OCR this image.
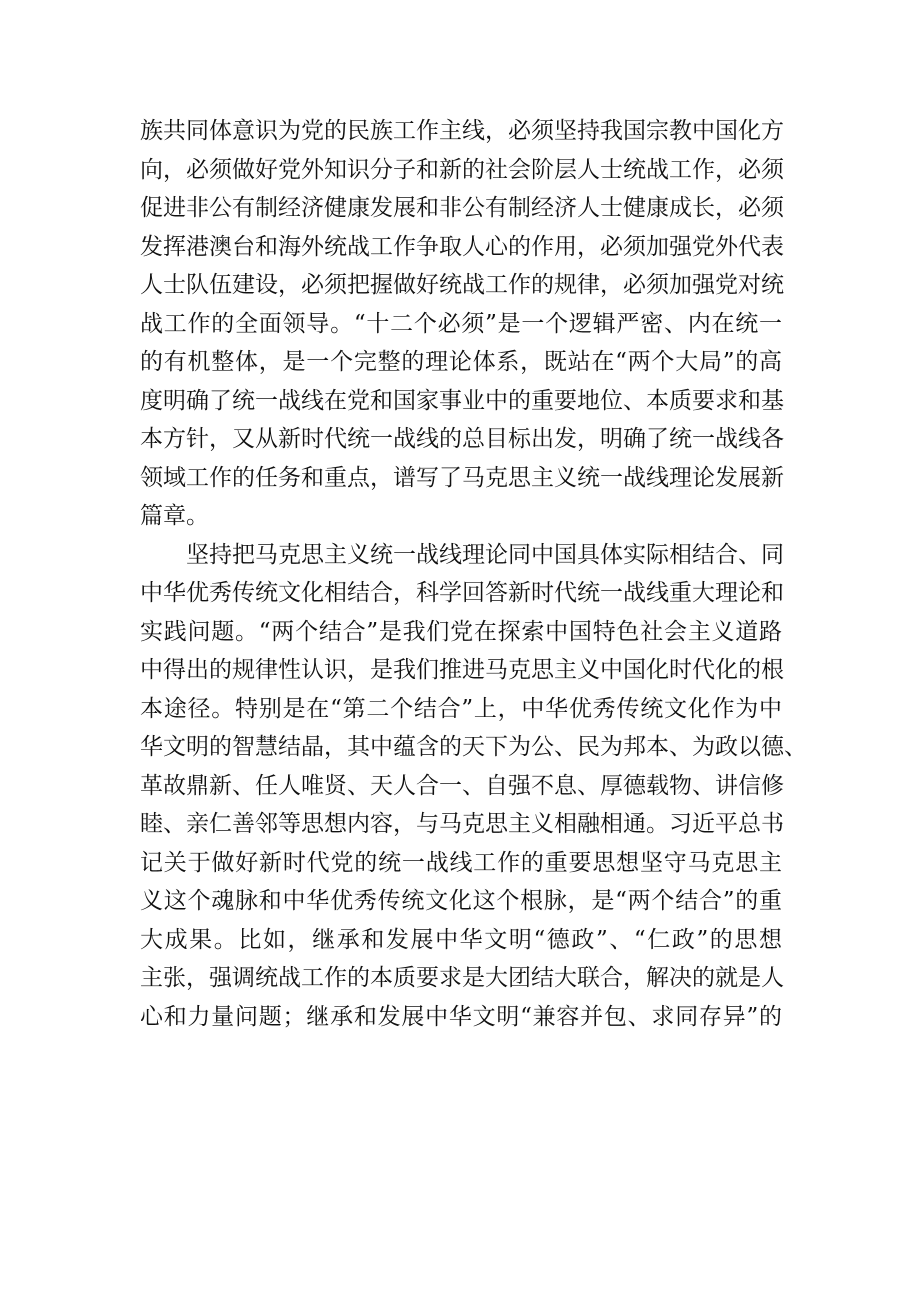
族共同体意识为党的民族工作主线，必须坚持我国宗教中国化方
向，必须做好党外知识分子和新的社会阶层人士统战工作，必须
促进非公有制经济健康发展和非公有制经济人士健康成长，必须
发挥港澳台和海外统战工作争取人心的作用，必须加强党外代表
人士队伍建设，必须把握做好统战工作的规律，必须加强党对统
战工作的全面领导。“十二个必须”是一个逻辑严密、内在统一
的有机整体，是一个完整的理论体系，既站在“两个大局”的高
度明确了统一战线在党和国家事业中的重要地位、本质要求和基
本方针，又从新时代统一战线的总目标出发，明确了统一战线各
领域工作的任务和重点，谱写了马克思主义统一战线理论发展新
篇章。
坚持把马克思主义统一战线理论同中国具体实际相结合、同
中华优秀传统文化相结合，科学回答新时代统一战线重大理论和
实践问题。“两个结合”是我们党在探索中国特色社会主义道路
中得出的规律性认识，是我们推进马克思主义中国化时代化的根
本途径。特别是在“第二个结合”上，中华优秀传统文化作为中
华文明的智慧结晶，其中蕴含的天下为公、民为邦本、为政以德、
革故鼎新、任人唯贤、天人合一、自强不息、厚德载物、讲信修
睦、亲仁善邻等思想内容，与马克思主义相融相通。习近平总书
记关于做好新时代党的统一战线工作的重要思想坚守马克思主
义这个魂脉和中华优秀传统文化这个根脉，是“两个结合”的重
大成果。比如，继承和发展中华文明“德政”、“仁政”的思想
主张，强调统战工作的本质要求是大团结大联合，解决的就是人
心和力量问题；继承和发展中华文明“兼容并包、求同存异”的
